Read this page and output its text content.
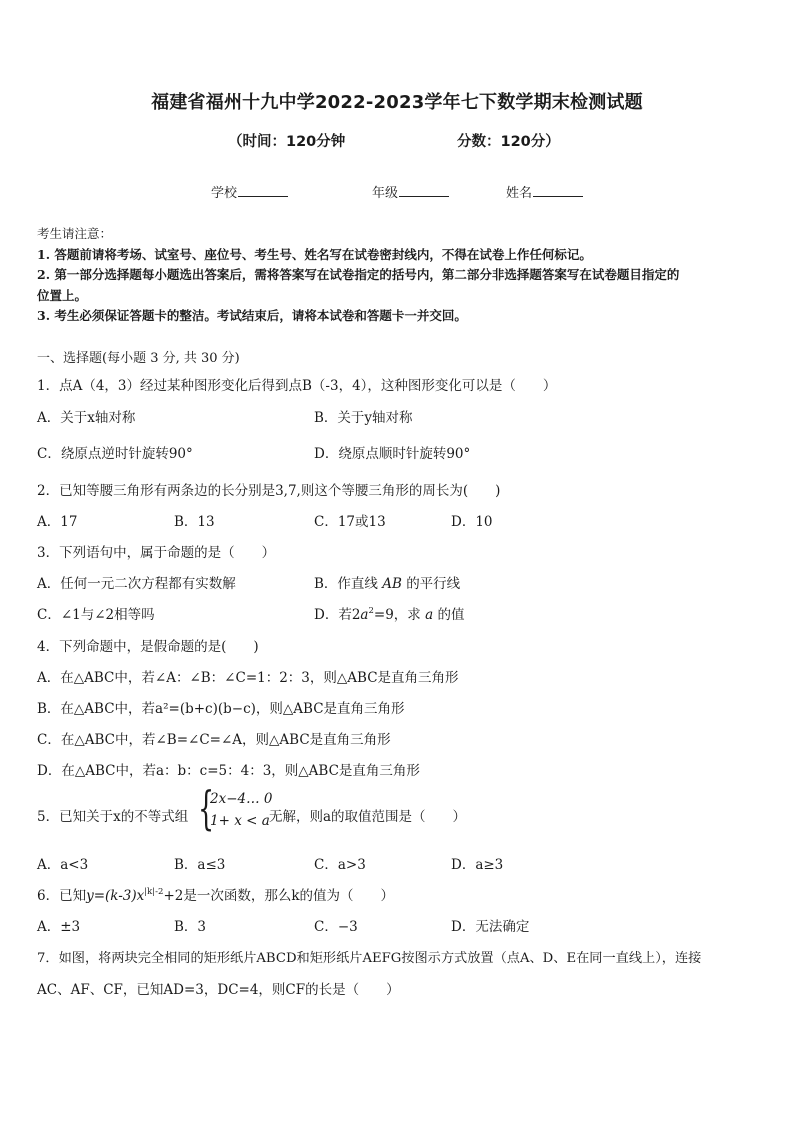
福建省福州十九中学2022-2023学年七下数学期末检测试题
（时间：120分钟	分数：120分）
学校	年级	姓名
考生请注意：
1. 答题前请将考场、试室号、座位号、考生号、姓名写在试卷密封线内，不得在试卷上作任何标记。
2. 第一部分选择题每小题选出答案后，需将答案写在试卷指定的括号内，第二部分非选择题答案写在试卷题目指定的
位置上。
3. 考生必须保证答题卡的整洁。考试结束后，请将本试卷和答题卡一并交回。
一、选择题(每小题 3 分, 共 30 分)
1．点A（4，3）经过某种图形变化后得到点B（-3，4），这种图形变化可以是（　　）
A．关于x轴对称	B．关于y轴对称
C．绕原点逆时针旋转90°	D．绕原点顺时针旋转90°
2．已知等腰三角形有两条边的长分别是3,7,则这个等腰三角形的周长为(　　)
A．17	B．13	C．17或13	D．10
3．下列语句中，属于命题的是（　　）
A．任何一元二次方程都有实数解	B．作直线 AB 的平行线
C．∠1与∠2相等吗	D．若$2a^2=9$，求 a 的值
4．下列命题中，是假命题的是(　　)
A．在△ABC中，若∠A：∠B：∠C=1：2：3，则△ABC是直角三角形
B．在△ABC中，若a²=(b+c)(b−c)，则△ABC是直角三角形
C．在△ABC中，若∠B=∠C=∠A，则△ABC是直角三角形
D．在△ABC中，若a：b：c=5：4：3，则△ABC是直角三角形
5．已知关于x的不等式组 {
2x−4… 0
1+ x < a 无解，则a的取值范围是（　　）
A．a<3	B．a≤3	C．a>3	D．a≥3
6．已知$y=(k-3)x^{|k|-2}+2$是一次函数，那么k的值为（　　）
A．±3	B．3	C．−3	D．无法确定
7．如图，将两块完全相同的矩形纸片ABCD和矩形纸片AEFG按图示方式放置（点A、D、E在同一直线上），连接
AC、AF、CF，已知AD=3，DC=4，则CF的长是（　　）
